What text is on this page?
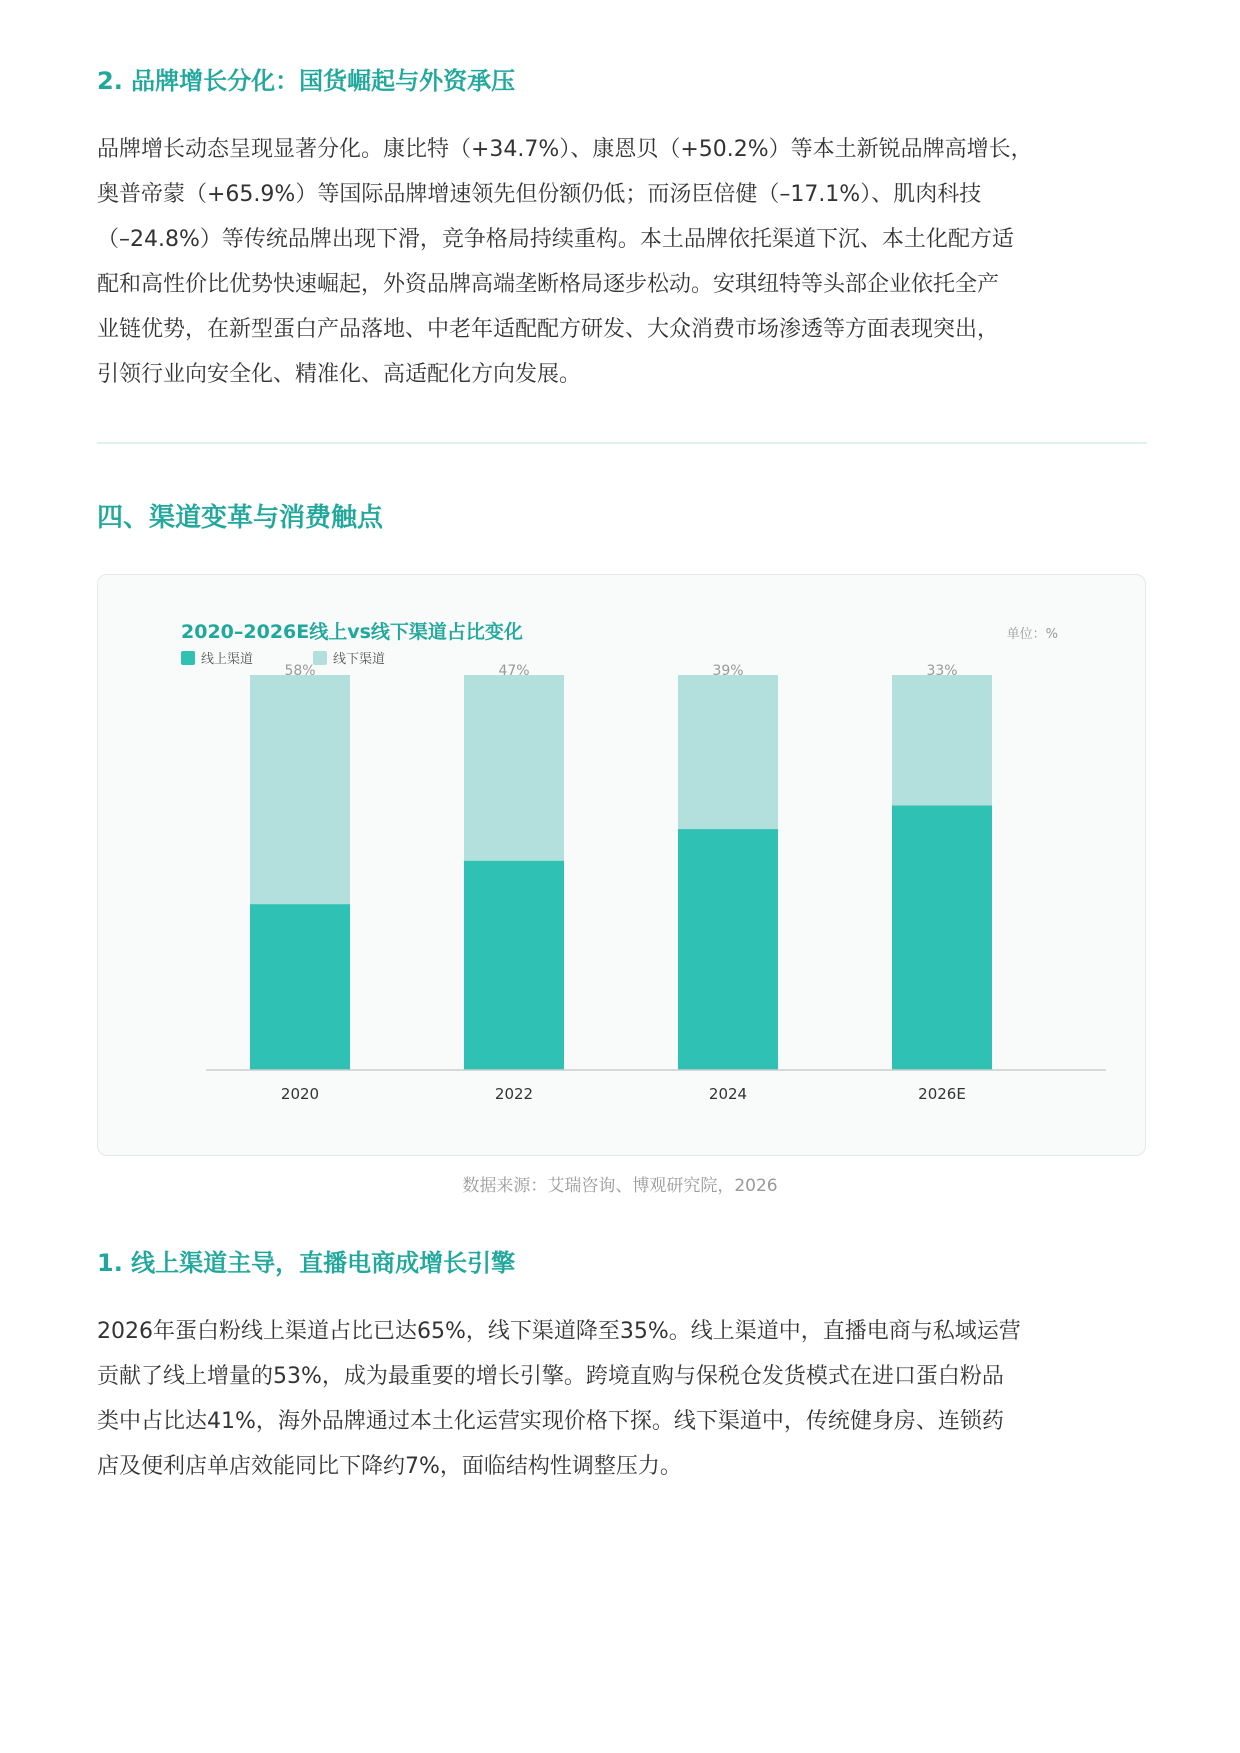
2. 品牌增长分化：国货崛起与外资承压

品牌增长动态呈现显著分化。康比特（+34.7%）、康恩贝（+50.2%）等本土新锐品牌高增长，
奥普帝蒙（+65.9%）等国际品牌增速领先但份额仍低；而汤臣倍健（–17.1%）、肌肉科技
（–24.8%）等传统品牌出现下滑，竞争格局持续重构。本土品牌依托渠道下沉、本土化配方适
配和高性价比优势快速崛起，外资品牌高端垄断格局逐步松动。安琪纽特等头部企业依托全产
业链优势，在新型蛋白产品落地、中老年适配配方研发、大众消费市场渗透等方面表现突出，
引领行业向安全化、精准化、高适配化方向发展。

四、渠道变革与消费触点
2020–2026E线上vs线下渠道占比变化	单位：%
线上渠道	线下渠道
2020	2022	2024	2026E
58%	47%	39%	33%
数据来源：艾瑞咨询、博观研究院，2026
1. 线上渠道主导，直播电商成增长引擎

2026年蛋白粉线上渠道占比已达65%，线下渠道降至35%。线上渠道中，直播电商与私域运营
贡献了线上增量的53%，成为最重要的增长引擎。跨境直购与保税仓发货模式在进口蛋白粉品
类中占比达41%，海外品牌通过本土化运营实现价格下探。线下渠道中，传统健身房、连锁药
店及便利店单店效能同比下降约7%，面临结构性调整压力。
